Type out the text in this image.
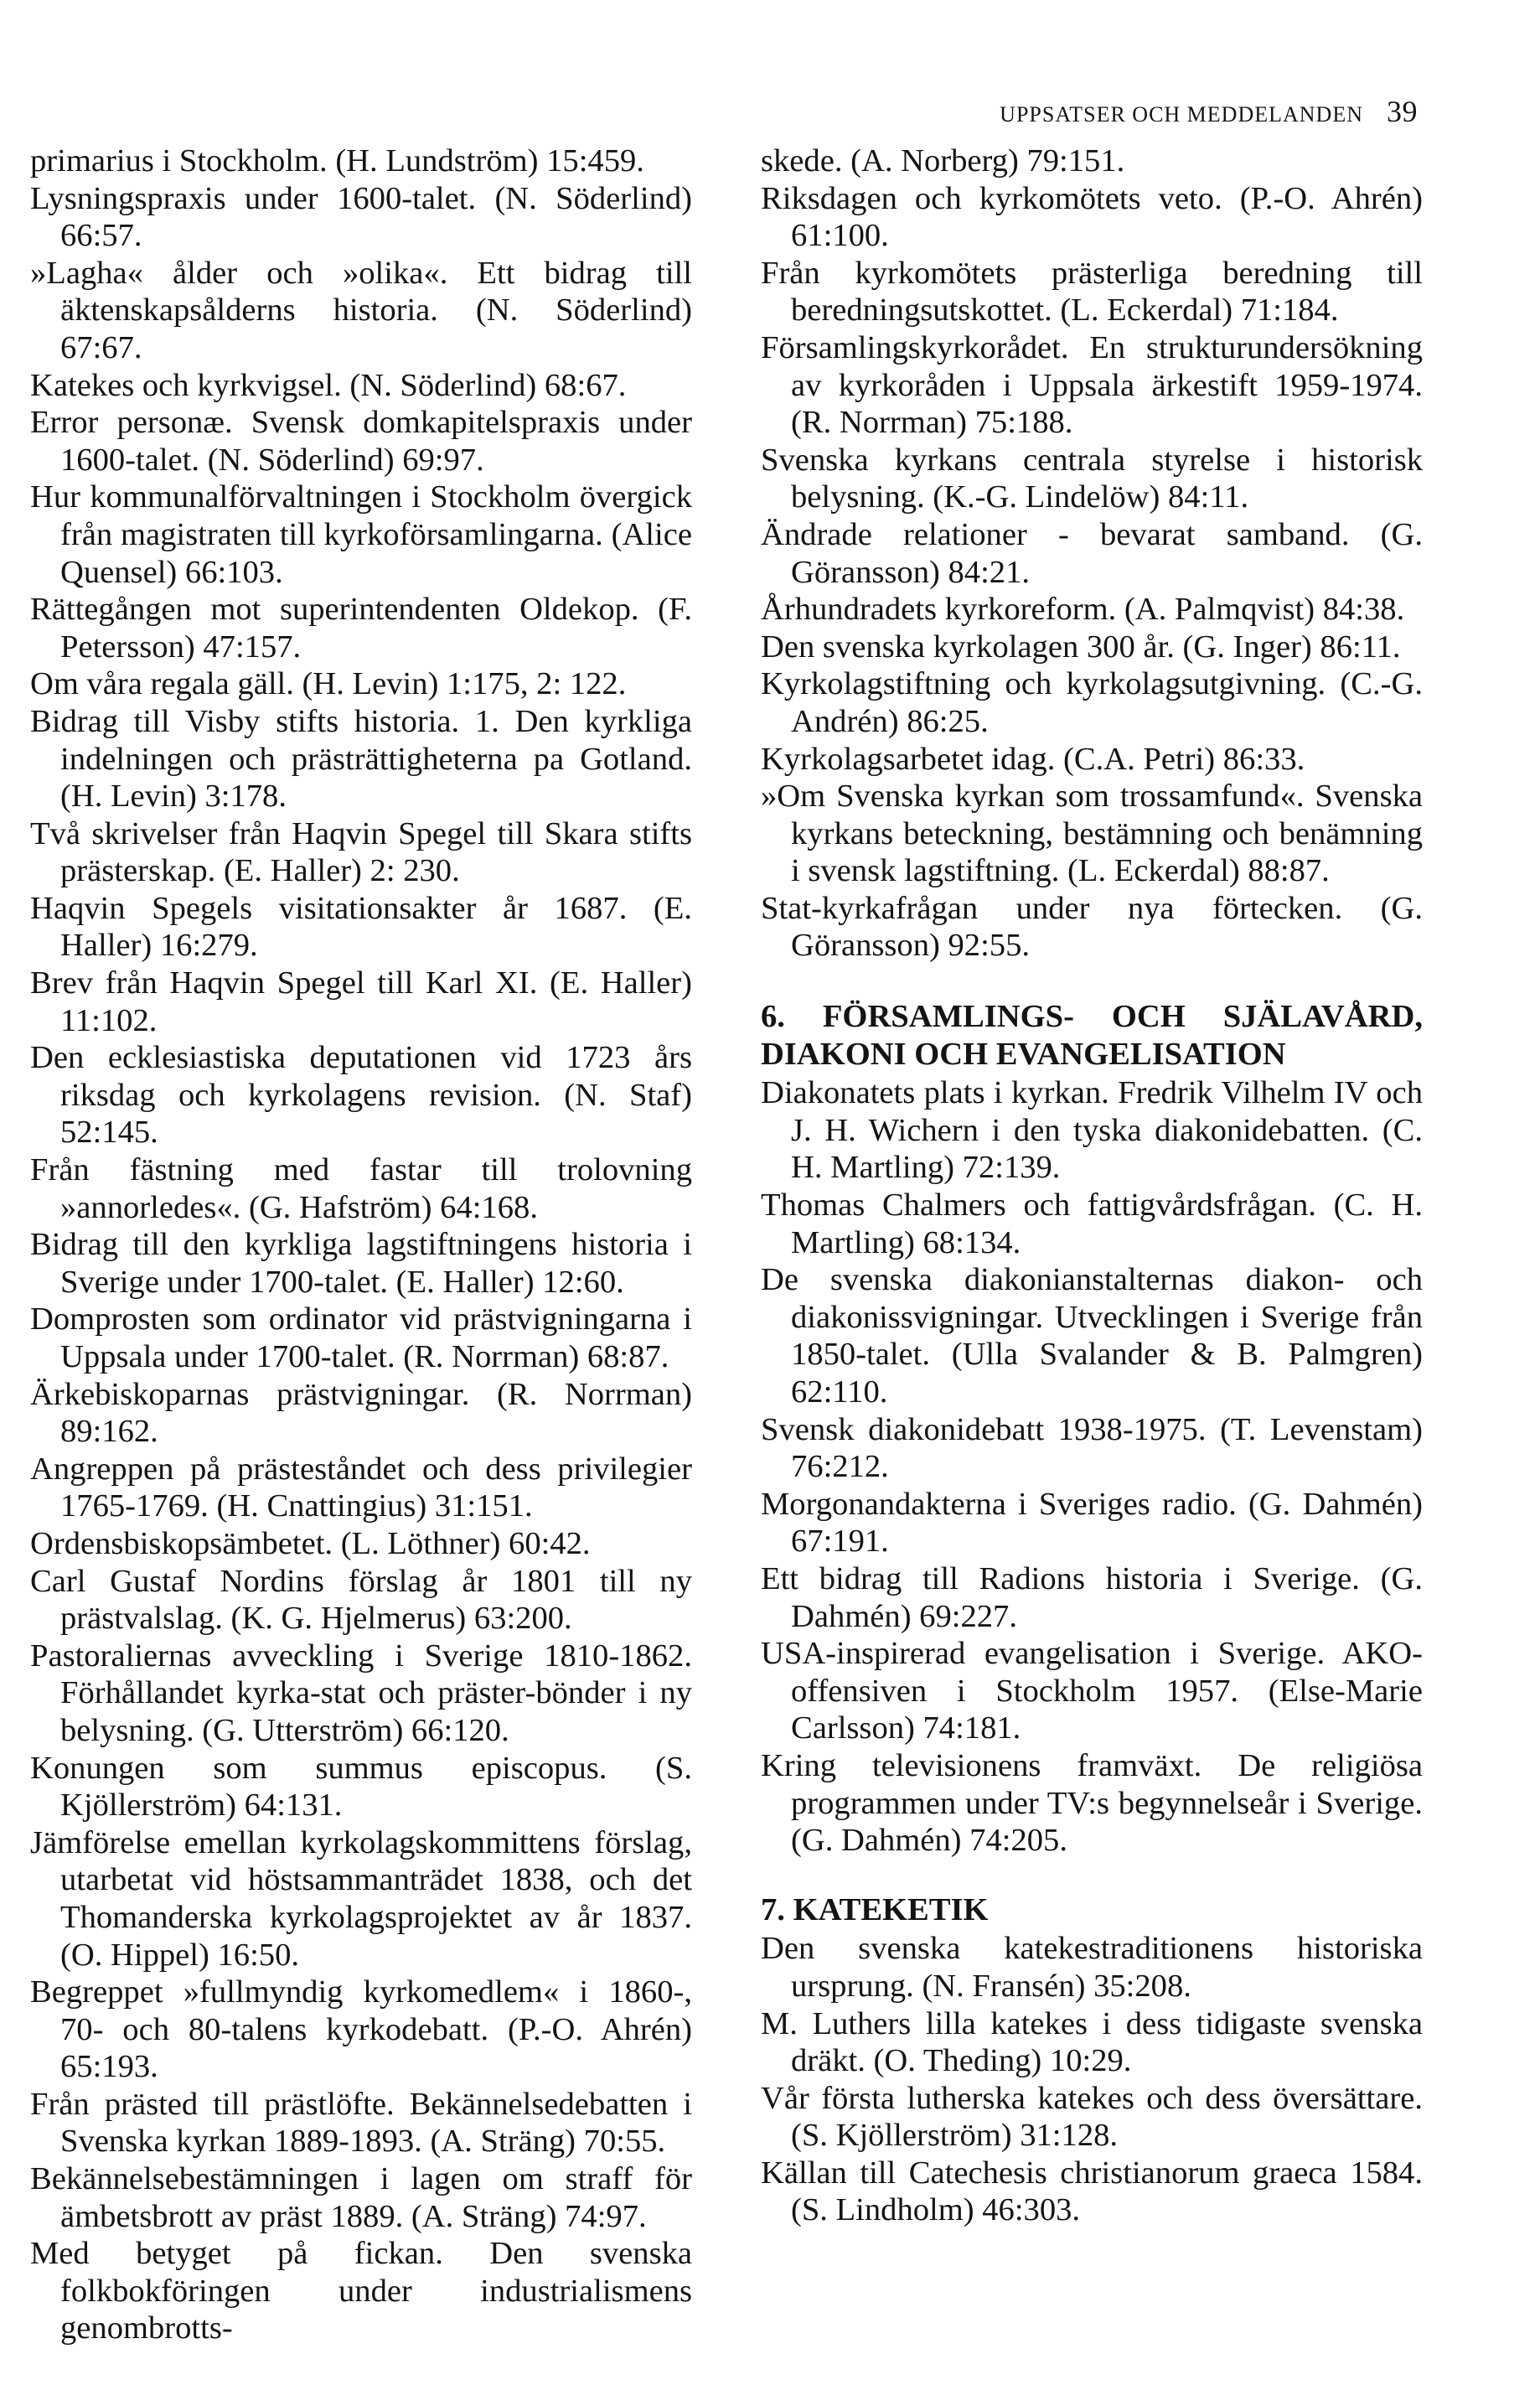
UPPSATSER OCH MEDDELANDEN 39

primarius i Stockholm. (H. Lundström) 15:459.

Lysningspraxis under 1600-talet. (N. Söderlind) 66:57.

»Lagha« ålder och »olika«. Ett bidrag till äktenskapsålderns historia. (N. Söderlind) 67:67.

Katekes och kyrkvigsel. (N. Söderlind) 68:67.

Error personæ. Svensk domkapitelspraxis under 1600-talet. (N. Söderlind) 69:97.

Hur kommunalförvaltningen i Stockholm övergick från magistraten till kyrkoförsamlingarna. (Alice Quensel) 66:103.

Rättegången mot superintendenten Oldekop. (F. Petersson) 47:157.

Om våra regala gäll. (H. Levin) 1:175, 2: 122.

Bidrag till Visby stifts historia. 1. Den kyrkliga indelningen och prästrättigheterna pa Gotland. (H. Levin) 3:178.

Två skrivelser från Haqvin Spegel till Skara stifts prästerskap. (E. Haller) 2: 230.

Haqvin Spegels visitationsakter år 1687. (E. Haller) 16:279.

Brev från Haqvin Spegel till Karl XI. (E. Haller) 11:102.

Den ecklesiastiska deputationen vid 1723 års riksdag och kyrkolagens revision. (N. Staf) 52:145.

Från fästning med fastar till trolovning »annorledes«. (G. Hafström) 64:168.

Bidrag till den kyrkliga lagstiftningens historia i Sverige under 1700-talet. (E. Haller) 12:60.

Domprosten som ordinator vid prästvigningarna i Uppsala under 1700-talet. (R. Norrman) 68:87.

Ärkebiskoparnas prästvigningar. (R. Norrman) 89:162.

Angreppen på prästeståndet och dess privilegier 1765-1769. (H. Cnattingius) 31:151.

Ordensbiskopsämbetet. (L. Löthner) 60:42.

Carl Gustaf Nordins förslag år 1801 till ny prästvalslag. (K. G. Hjelmerus) 63:200.

Pastoraliernas avveckling i Sverige 1810-1862. Förhållandet kyrka-stat och präster-bönder i ny belysning. (G. Utterström) 66:120.

Konungen som summus episcopus. (S. Kjöllerström) 64:131.

Jämförelse emellan kyrkolagskommittens förslag, utarbetat vid höstsammanträdet 1838, och det Thomanderska kyrkolagsprojektet av år 1837. (O. Hippel) 16:50.

Begreppet »fullmyndig kyrkomedlem« i 1860-, 70- och 80-talens kyrkodebatt. (P.-O. Ahrén) 65:193.

Från prästed till prästlöfte. Bekännelsedebatten i Svenska kyrkan 1889-1893. (A. Sträng) 70:55.

Bekännelsebestämningen i lagen om straff för ämbetsbrott av präst 1889. (A. Sträng) 74:97.

Med betyget på fickan. Den svenska folkbokföringen under industrialismens genombrotts-

skede. (A. Norberg) 79:151.

Riksdagen och kyrkomötets veto. (P.-O. Ahrén) 61:100.

Från kyrkomötets prästerliga beredning till beredningsutskottet. (L. Eckerdal) 71:184.

Församlingskyrkorådet. En strukturundersökning av kyrkoråden i Uppsala ärkestift 1959-1974. (R. Norrman) 75:188.

Svenska kyrkans centrala styrelse i historisk belysning. (K.-G. Lindelöw) 84:11.

Ändrade relationer - bevarat samband. (G. Göransson) 84:21.

Århundradets kyrkoreform. (A. Palmqvist) 84:38.

Den svenska kyrkolagen 300 år. (G. Inger) 86:11.

Kyrkolagstiftning och kyrkolagsutgivning. (C.-G. Andrén) 86:25.

Kyrkolagsarbetet idag. (C.A. Petri) 86:33.

»Om Svenska kyrkan som trossamfund«. Svenska kyrkans beteckning, bestämning och benämning i svensk lagstiftning. (L. Eckerdal) 88:87.

Stat-kyrkafrågan under nya förtecken. (G. Göransson) 92:55.

6. FÖRSAMLINGS- OCH SJÄLAVÅRD, DIAKONI OCH EVANGELISATION

Diakonatets plats i kyrkan. Fredrik Vilhelm IV och J. H. Wichern i den tyska diakonidebatten. (C. H. Martling) 72:139.

Thomas Chalmers och fattigvårdsfrågan. (C. H. Martling) 68:134.

De svenska diakonianstalternas diakon- och diakonissvigningar. Utvecklingen i Sverige från 1850-talet. (Ulla Svalander & B. Palmgren) 62:110.

Svensk diakonidebatt 1938-1975. (T. Levenstam) 76:212.

Morgonandakterna i Sveriges radio. (G. Dahmén) 67:191.

Ett bidrag till Radions historia i Sverige. (G. Dahmén) 69:227.

USA-inspirerad evangelisation i Sverige. AKO-offensiven i Stockholm 1957. (Else-Marie Carlsson) 74:181.

Kring televisionens framväxt. De religiösa programmen under TV:s begynnelseår i Sverige. (G. Dahmén) 74:205.

7. KATEKETIK

Den svenska katekestraditionens historiska ursprung. (N. Fransén) 35:208.

M. Luthers lilla katekes i dess tidigaste svenska dräkt. (O. Theding) 10:29.

Vår första lutherska katekes och dess översättare. (S. Kjöllerström) 31:128.

Källan till Catechesis christianorum graeca 1584. (S. Lindholm) 46:303.
